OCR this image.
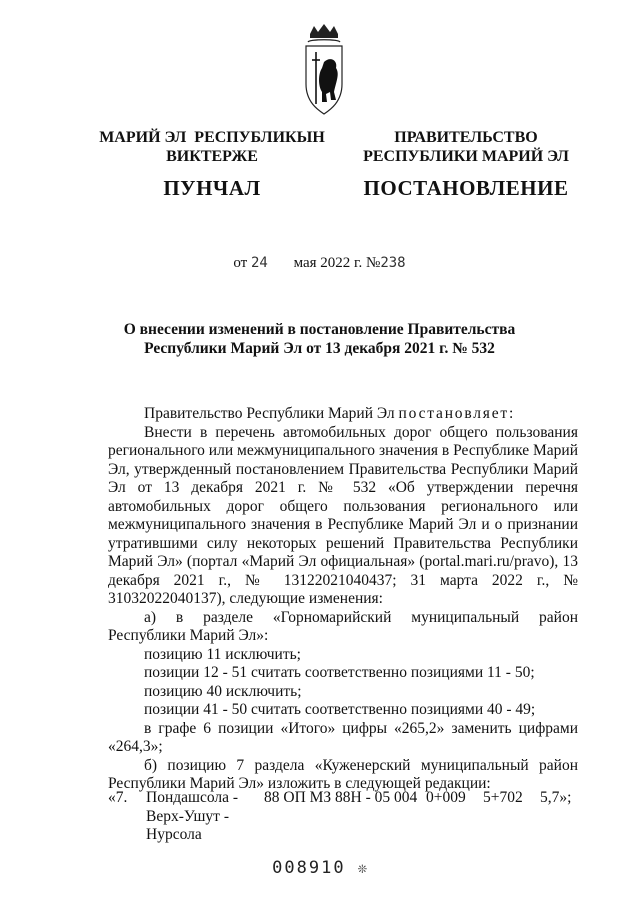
МАРИЙ ЭЛ  РЕСПУБЛИКЫН
ВИКТЕРЖЕ
ПУНЧАЛ
ПРАВИТЕЛЬСТВО
РЕСПУБЛИКИ МАРИЙ ЭЛ
ПОСТАНОВЛЕНИЕ
от 24 мая 2022 г. №238
О внесении изменений в постановление Правительства
Республики Марий Эл от 13 декабря 2021 г. № 532

Правительство Республики Марий Эл постановляет:

Внести в перечень автомобильных дорог общего пользования регионального или межмуниципального значения в Республике Марий Эл, утвержденный постановлением Правительства Республики Марий Эл от 13 декабря 2021 г. № 532 «Об утверждении перечня автомобильных дорог общего пользования регионального или межмуниципального значения в Республике Марий Эл и о признании утратившими силу некоторых решений Правительства Республики Марий Эл» (портал «Марий Эл официальная» (portal.mari.ru/pravo), 13 декабря 2021 г., № 13122021040437; 31 марта 2022 г., № 31032022040137), следующие изменения:

а) в разделе «Горномарийский муниципальный район Республики Марий Эл»:

позицию 11 исключить;

позиции 12 - 51 считать соответственно позициями 11 - 50;

позицию 40 исключить;

позиции 41 - 50 считать соответственно позициями 40 - 49;

в графе 6 позиции «Итого» цифры «265,2» заменить цифрами «264,3»;

б) позицию 7 раздела «Куженерский муниципальный район Республики Марий Эл» изложить в следующей редакции:

«7. Пондашсола -
Верх-Ушут -
Нурсола
88 ОП МЗ 88Н - 05 004 0+009 5+702 5,7»;
008910 ❊
